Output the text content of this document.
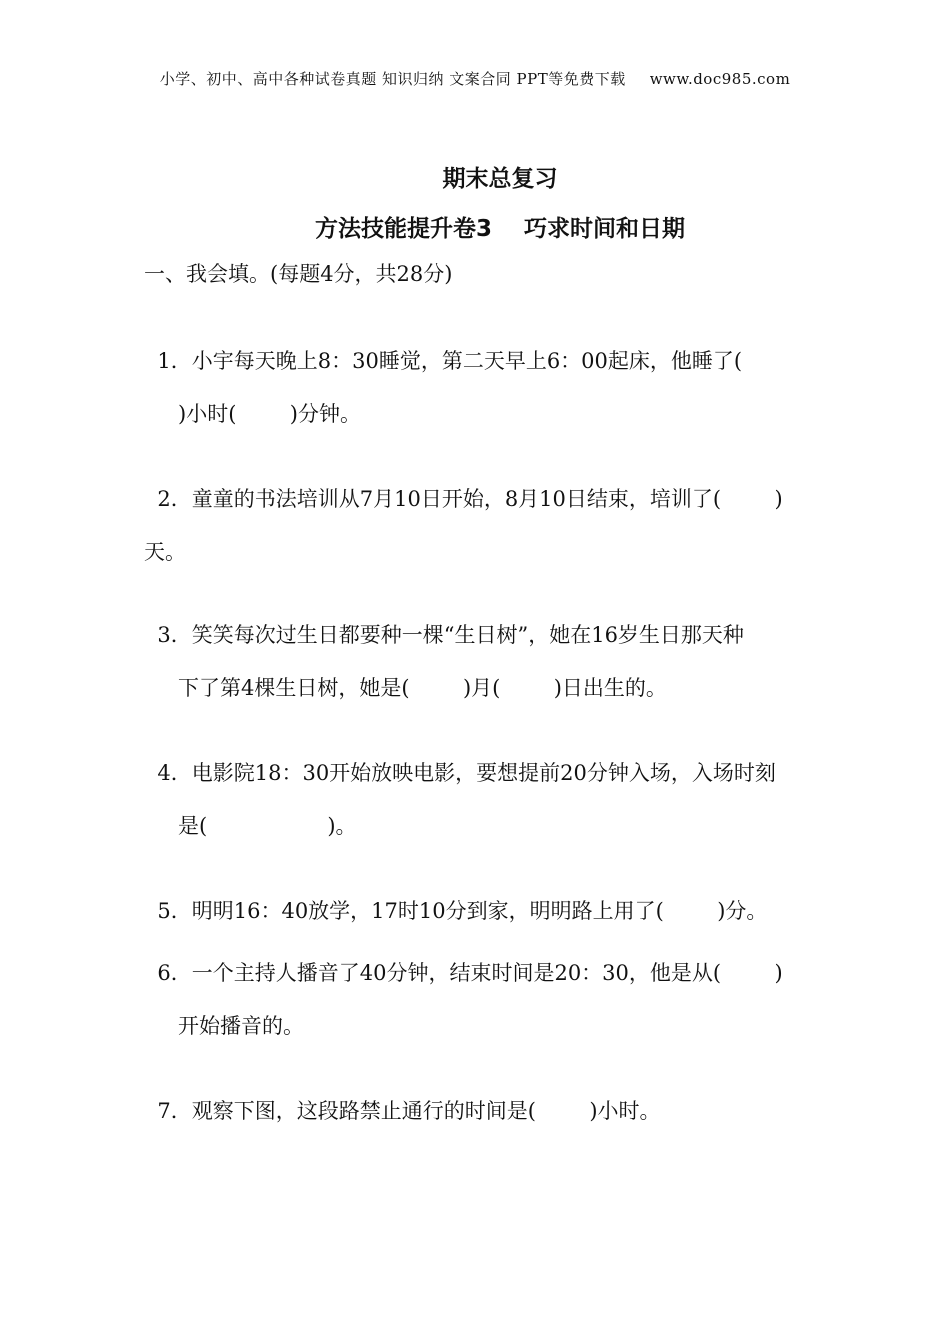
小学、初中、高中各种试卷真题 知识归纳 文案合同 PPT等免费下载 www.doc985.com
期末总复习
方法技能提升卷3    巧求时间和日期
一、我会填。(每题4分，共28分)

1．小宇每天晚上8：30睡觉，第二天早上6：00起床，他睡了(

)小时(        )分钟。

2．童童的书法培训从7月10日开始，8月10日结束，培训了(        )

天。

3．笑笑每次过生日都要种一棵“生日树”，她在16岁生日那天种

下了第4棵生日树，她是(        )月(        )日出生的。

4．电影院18：30开始放映电影，要想提前20分钟入场，入场时刻

是(                  )。

5．明明16：40放学，17时10分到家，明明路上用了(        )分。

6．一个主持人播音了40分钟，结束时间是20：30，他是从(        )

开始播音的。

7．观察下图，这段路禁止通行的时间是(        )小时。
